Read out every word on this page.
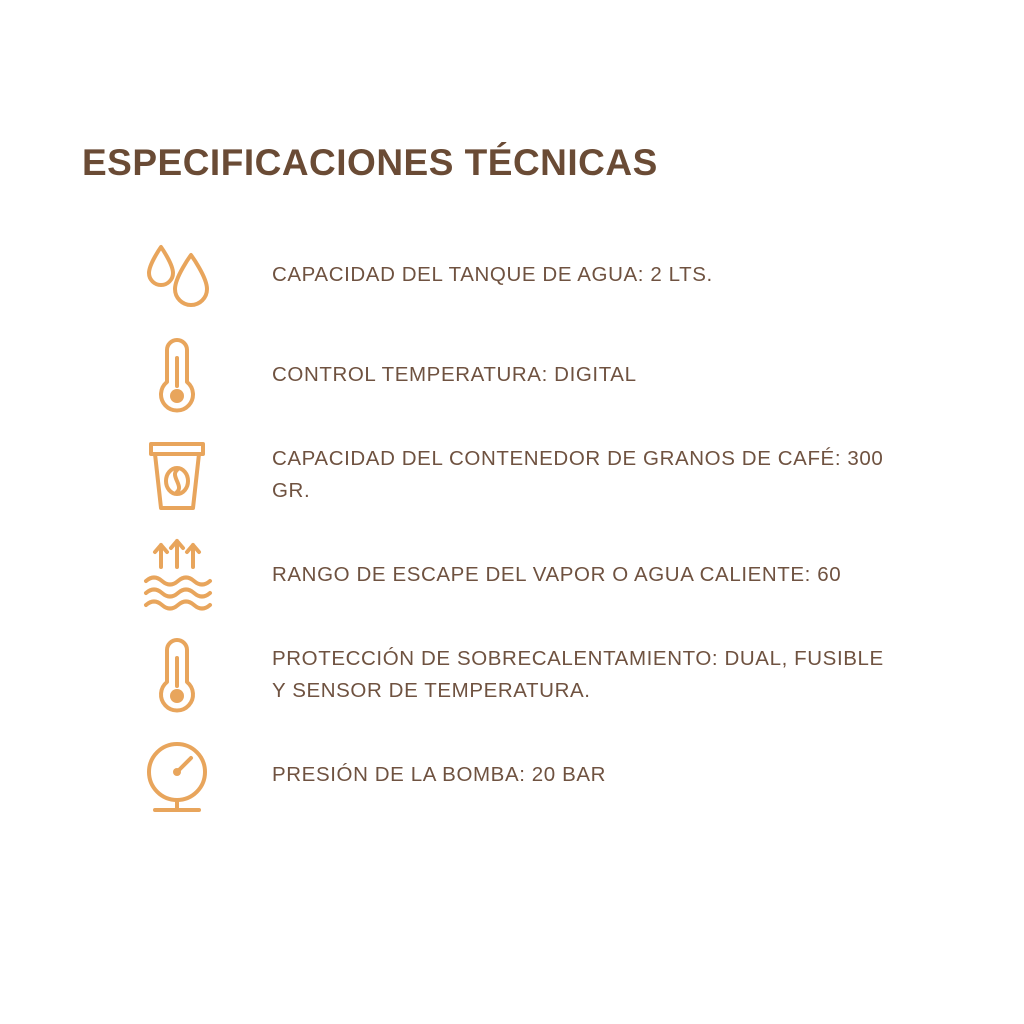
ESPECIFICACIONES TÉCNICAS
CAPACIDAD DEL TANQUE DE AGUA: 2 LTS.
CONTROL TEMPERATURA: DIGITAL
CAPACIDAD DEL CONTENEDOR DE GRANOS DE CAFÉ: 300 GR.
RANGO DE ESCAPE DEL VAPOR O AGUA CALIENTE: 60
PROTECCIÓN DE SOBRECALENTAMIENTO: DUAL, FUSIBLE Y SENSOR DE TEMPERATURA.
PRESIÓN DE LA BOMBA: 20 BAR
